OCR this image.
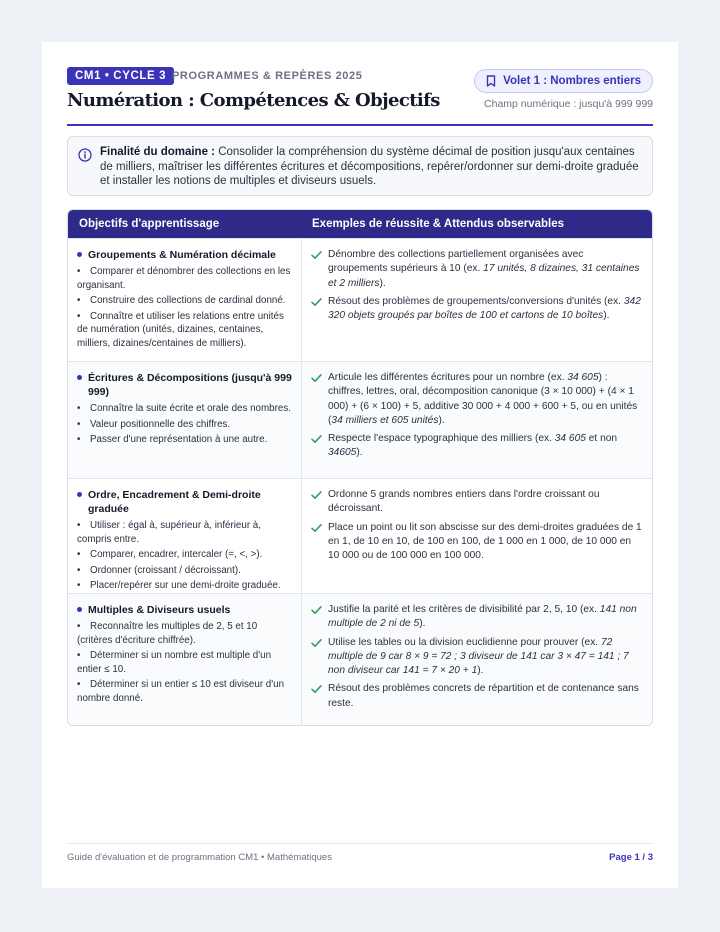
CM1 • CYCLE 3 PROGRAMMES & REPÈRES 2025
Numération : Compétences & Objectifs
Volet 1 : Nombres entiers
Champ numérique : jusqu'à 999 999
Finalité du domaine : Consolider la compréhension du système décimal de position jusqu'aux centaines de milliers, maîtriser les différentes écritures et décompositions, repérer/ordonner sur demi-droite graduée et installer les notions de multiples et diviseurs usuels.
Objectifs d'apprentissage	Exemples de réussite & Attendus observables
Groupements & Numération décimale
• Comparer et dénombrer des collections en les organisant.
• Construire des collections de cardinal donné.
• Connaître et utiliser les relations entre unités de numération (unités, dizaines, centaines, milliers, dizaines/centaines de milliers).
Dénombre des collections partiellement organisées avec groupements supérieurs à 10 (ex. 17 unités, 8 dizaines, 31 centaines et 2 milliers).
Résout des problèmes de groupements/conversions d'unités (ex. 342 320 objets groupés par boîtes de 100 et cartons de 10 boîtes).
Écritures & Décompositions (jusqu'à 999 999)
• Connaître la suite écrite et orale des nombres.
• Valeur positionnelle des chiffres.
• Passer d'une représentation à une autre.
Articule les différentes écritures pour un nombre (ex. 34 605) : chiffres, lettres, oral, décomposition canonique (3 × 10 000) + (4 × 1 000) + (6 × 100) + 5, additive 30 000 + 4 000 + 600 + 5, ou en unités (34 milliers et 605 unités).
Respecte l'espace typographique des milliers (ex. 34 605 et non 34605).
Ordre, Encadrement & Demi-droite graduée
• Utiliser : égal à, supérieur à, inférieur à, compris entre.
• Comparer, encadrer, intercaler (=, <, >).
• Ordonner (croissant / décroissant).
• Placer/repérer sur une demi-droite graduée.
Ordonne 5 grands nombres entiers dans l'ordre croissant ou décroissant.
Place un point ou lit son abscisse sur des demi-droites graduées de 1 en 1, de 10 en 10, de 100 en 100, de 1 000 en 1 000, de 10 000 en 10 000 ou de 100 000 en 100 000.
Multiples & Diviseurs usuels
• Reconnaître les multiples de 2, 5 et 10 (critères d'écriture chiffrée).
• Déterminer si un nombre est multiple d'un entier ≤ 10.
• Déterminer si un entier ≤ 10 est diviseur d'un nombre donné.
Justifie la parité et les critères de divisibilité par 2, 5, 10 (ex. 141 non multiple de 2 ni de 5).
Utilise les tables ou la division euclidienne pour prouver (ex. 72 multiple de 9 car 8 × 9 = 72 ; 3 diviseur de 141 car 3 × 47 = 141 ; 7 non diviseur car 141 = 7 × 20 + 1).
Résout des problèmes concrets de répartition et de contenance sans reste.
Guide d'évaluation et de programmation CM1 • Mathématiques	Page 1 / 3
